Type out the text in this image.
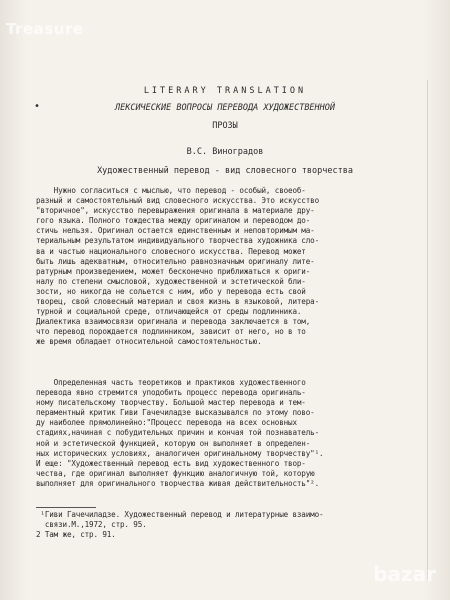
Treasure
•
LITERARY TRANSLATION
ЛЕКСИЧЕСКИЕ ВОПРОСЫ ПЕРЕВОДА ХУДОЖЕСТВЕННОЙ
ПРОЗЫ
В.С. Виноградов
Художественный перевод - вид словесного творчества
Нужно согласиться с мыслью, что перевод - особый, своеоб-
разный и самостоятельный вид словесного искусства. Это искусство
"вторичное", искусство перевыражения оригинала в материале дру-
гого языка. Полного тождества между оригиналом и переводом до-
стичь нельзя. Оригинал остается единственным и неповторимым ма-
териальным результатом индивидуального творчества художника сло-
ва и частью национального словесного искусства. Перевод может
быть лишь адекватным, относительно равнозначным оригиналу лите-
ратурным произведением, может бесконечно приближаться к ориги-
налу по степени смысловой, художественной и эстетической бли-
зости, но никогда не сольется с ним, ибо у перевода есть свой
творец, свой словесный материал и своя жизнь в языковой, литера-
турной и социальной среде, отличающейся от среды подлинника.
Диалектика взаимосвязи оригинала и перевода заключается в том,
что перевод порождается подлинником, зависит от него, но в то
же время обладает относительной самостоятельностью.
Определенная часть теоретиков и практиков художественного
перевода явно стремится уподобить процесс перевода оригиналь-
ному писательскому творчеству. Большой мастер перевода и тем-
пераментный критик Гиви Гачечиладзе высказывался по этому пово-
ду наиболее прямолинейно:"Процесс перевода на всех основных
стадиях,начиная с побудительных причин и кончая той познаватель-
ной и эстетической функцией, которую он выполняет в определен-
ных исторических условиях, аналогичен оригинальному творчеству"¹.
И еще: "Художественный перевод есть вид художественного твор-
чества, где оригинал выполняет функцию аналогичную той, которую
выполняет для оригинального творчества живая действительность"².
¹Гиви Гачечиладзе. Художественный перевод и литературные взаимо-
связи.М.,1972, стр. 95.
2 Там же, стр. 91.
bazar
